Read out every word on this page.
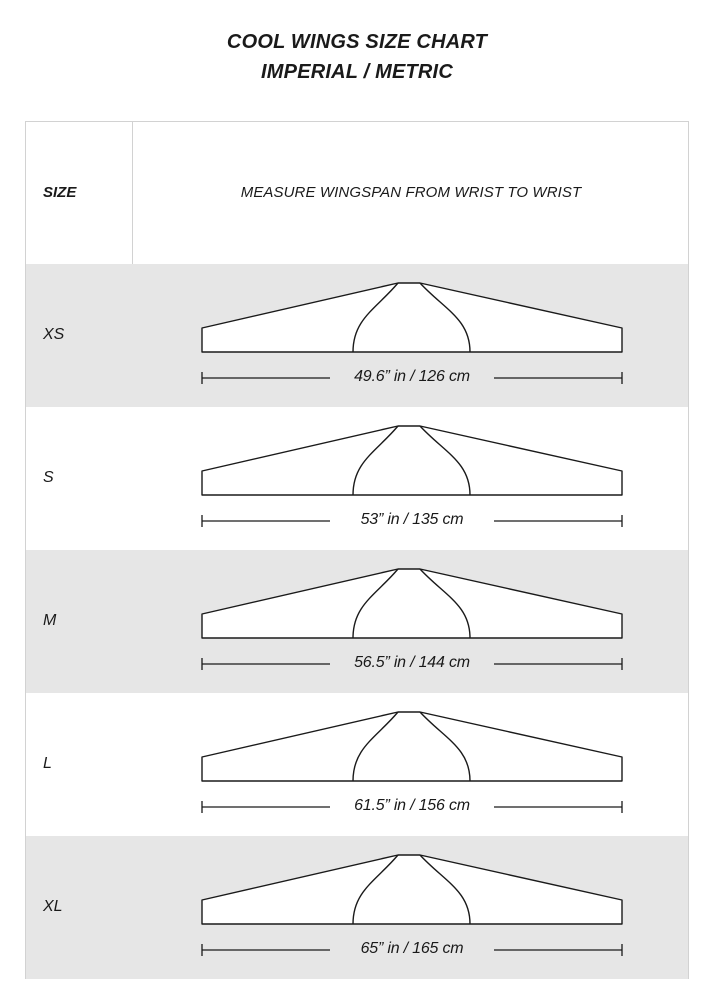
COOL WINGS SIZE CHART
IMPERIAL / METRIC
SIZE	MEASURE WINGSPAN FROM WRIST TO WRIST
XS
49.6” in / 126 cm
S
53” in / 135 cm
M
56.5” in / 144 cm
L
61.5” in / 156 cm
XL
65” in / 165 cm
